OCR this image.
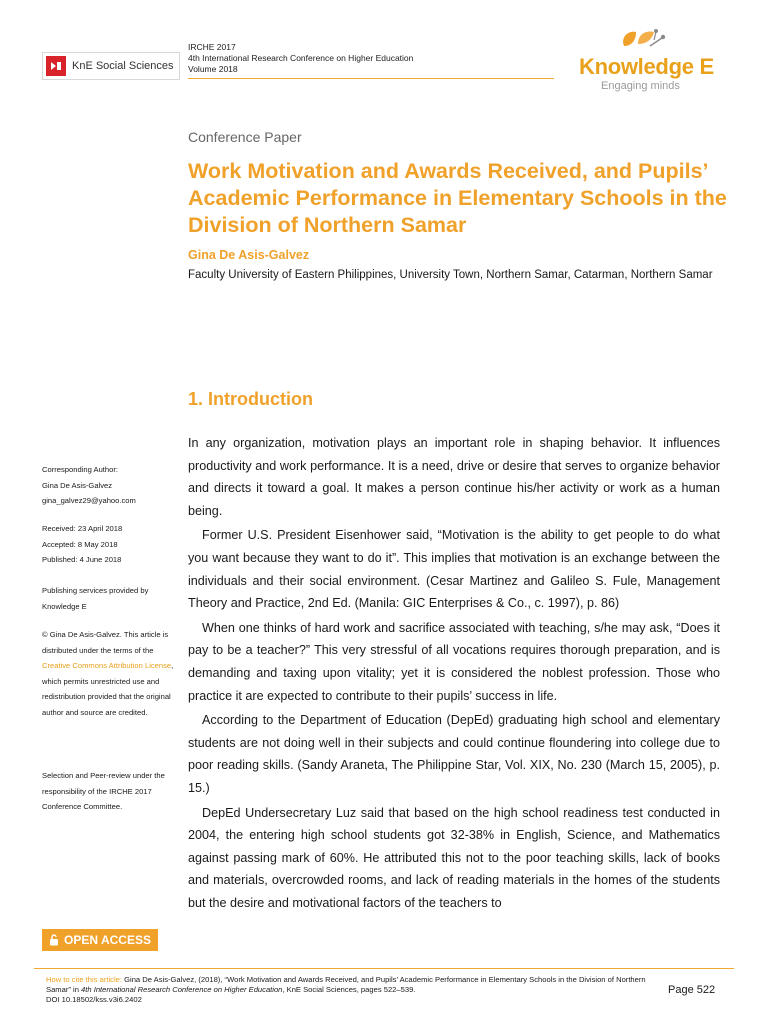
KnE Social Sciences
IRCHE 2017
4th International Research Conference on Higher Education
Volume 2018	Knowledge E
Engaging minds
Conference Paper
Work Motivation and Awards Received, and Pupils’ Academic Performance in Elementary Schools in the Division of Northern Samar
Gina De Asis-Galvez
Faculty University of Eastern Philippines, University Town, Northern Samar, Catarman, Northern Samar
1. Introduction

In any organization, motivation plays an important role in shaping behavior. It influences productivity and work performance. It is a need, drive or desire that serves to organize behavior and directs it toward a goal. It makes a person continue his/her activity or work as a human being.

Former U.S. President Eisenhower said, “Motivation is the ability to get people to do what you want because they want to do it”. This implies that motivation is an exchange between the individuals and their social environment. (Cesar Martinez and Galileo S. Fule, Management Theory and Practice, 2nd Ed. (Manila: GIC Enterprises & Co., c. 1997), p. 86)

When one thinks of hard work and sacrifice associated with teaching, s/he may ask, “Does it pay to be a teacher?” This very stressful of all vocations requires thorough preparation, and is demanding and taxing upon vitality; yet it is considered the noblest profession. Those who practice it are expected to contribute to their pupils’ success in life.

According to the Department of Education (DepEd) graduating high school and elementary students are not doing well in their subjects and could continue floundering into college due to poor reading skills. (Sandy Araneta, The Philippine Star, Vol. XIX, No. 230 (March 15, 2005), p. 15.)

DepEd Undersecretary Luz said that based on the high school readiness test conducted in 2004, the entering high school students got 32-38% in English, Science, and Mathematics against passing mark of 60%. He attributed this not to the poor teaching skills, lack of books and materials, overcrowded rooms, and lack of reading materials in the homes of the students but the desire and motivational factors of the teachers to

Corresponding Author:
Gina De Asis-Galvez
gina_galvez29@yahoo.com
Received: 23 April 2018
Accepted: 8 May 2018
Published: 4 June 2018
Publishing services provided by Knowledge E
© Gina De Asis-Galvez. This article is distributed under the terms of the Creative Commons Attribution License, which permits unrestricted use and redistribution provided that the original author and source are credited.
Selection and Peer-review under the responsibility of the IRCHE 2017 Conference Committee.
OPEN ACCESS
How to cite this article: Gina De Asis-Galvez, (2018), “Work Motivation and Awards Received, and Pupils’ Academic Performance in Elementary Schools in the Division of Northern Samar” in 4th International Research Conference on Higher Education, KnE Social Sciences, pages 522–539.
DOI 10.18502/kss.v3i6.2402
Page 522
